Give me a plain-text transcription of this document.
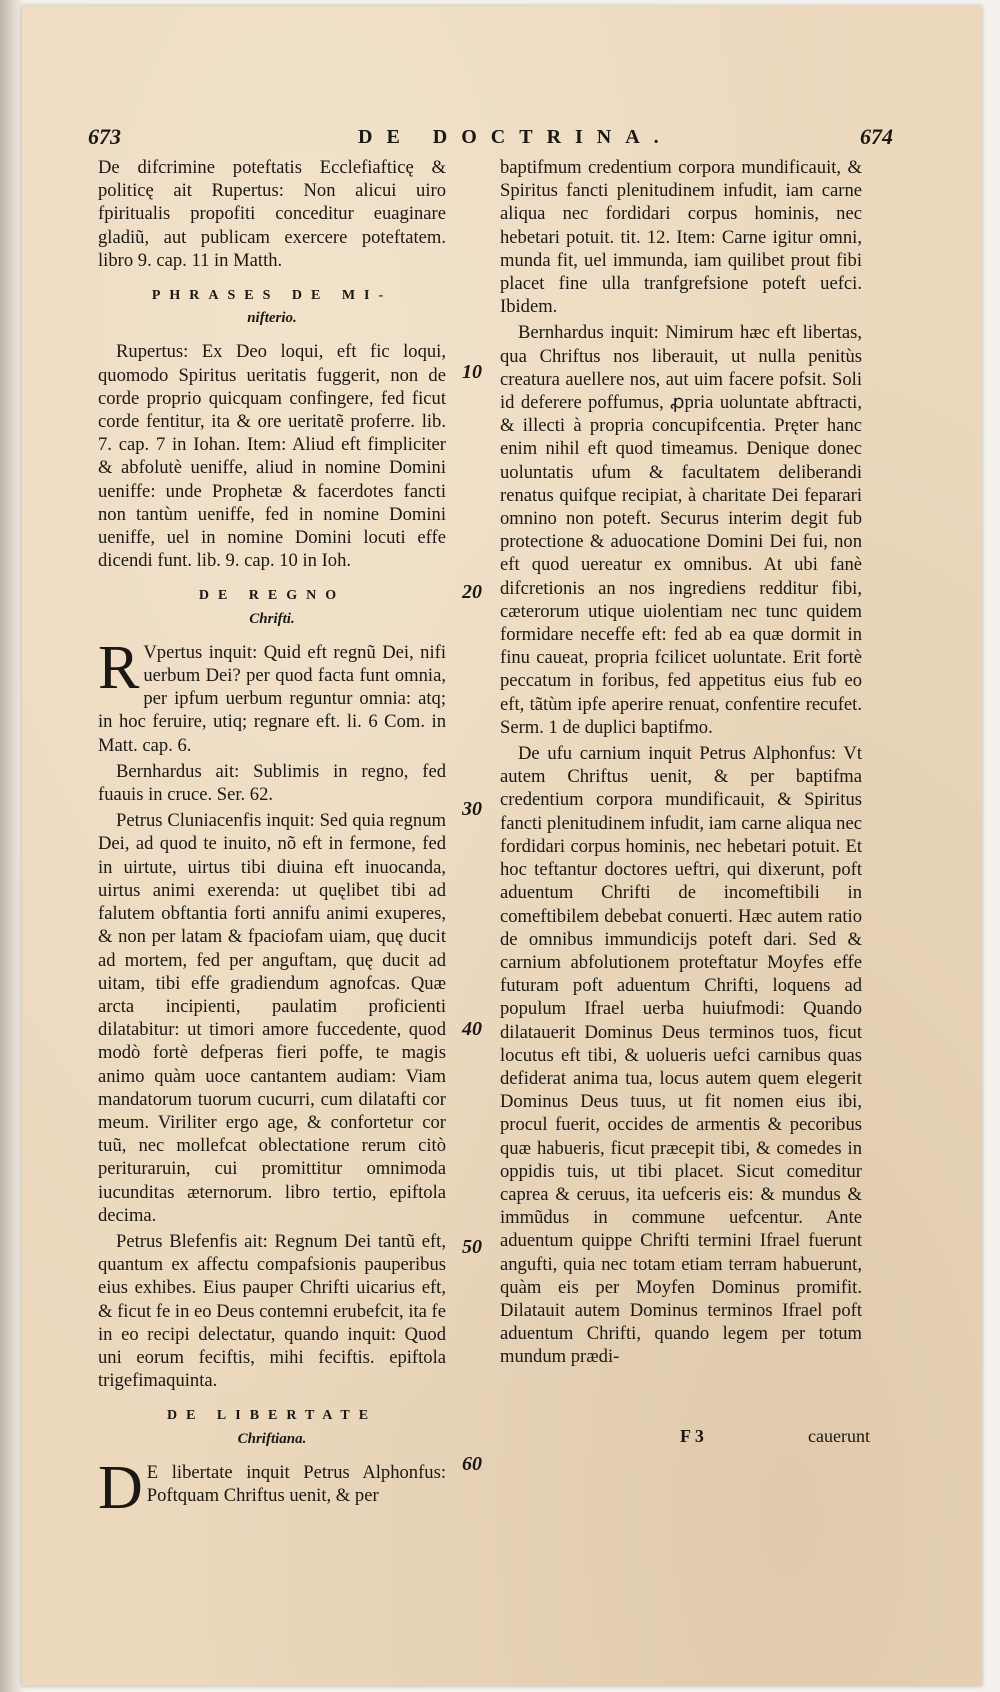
673	DE DOCTRINA.	674

De difcrimine poteftatis Ecclefiafticę & politicę ait Rupertus: Non alicui uiro fpiritualis propofiti conceditur euaginare gladiũ, aut publicam exercere poteftatem. libro 9. cap. 11 in Matth.

PHRASES DE MI-
nifterio.

Rupertus: Ex Deo loqui, eft fic loqui, quomodo Spiritus ueritatis fuggerit, non de corde proprio quicquam confingere, fed ficut corde fentitur, ita & ore ueritatẽ proferre. lib. 7. cap. 7 in Iohan. Item: Aliud eft fimpliciter & abfolutè ueniffe, aliud in nomine Domini ueniffe: unde Prophetæ & facerdotes fancti non tantùm ueniffe, fed in nomine Domini ueniffe, uel in nomine Domini locuti effe dicendi funt. lib. 9. cap. 10 in Ioh.

DE REGNO
Chrifti.

R Vpertus inquit: Quid eft regnũ Dei, nifi uerbum Dei? per quod facta funt omnia, per ipfum uerbum reguntur omnia: atq; in hoc feruire, utiq; regnare eft. li. 6 Com. in Matt. cap. 6.

Bernhardus ait: Sublimis in regno, fed fuauis in cruce. Ser. 62.

Petrus Cluniacenfis inquit: Sed quia regnum Dei, ad quod te inuito, nõ eft in fermone, fed in uirtute, uirtus tibi diuina eft inuocanda, uirtus animi exerenda: ut quęlibet tibi ad falutem obftantia forti annifu animi exuperes, & non per latam & fpaciofam uiam, quę ducit ad mortem, fed per anguftam, quę ducit ad uitam, tibi effe gradiendum agnofcas. Quæ arcta incipienti, paulatim proficienti dilatabitur: ut timori amore fuccedente, quod modò fortè defperas fieri poffe, te magis animo quàm uoce cantantem audiam: Viam mandatorum tuorum cucurri, cum dilatafti cor meum. Viriliter ergo age, & confortetur cor tuũ, nec mollefcat oblectatione rerum citò perituraruin, cui promittitur omnimoda iucunditas æternorum. libro tertio, epiftola decima.

Petrus Blefenfis ait: Regnum Dei tantũ eft, quantum ex affectu compafsionis pauperibus eius exhibes. Eius pauper Chrifti uicarius eft, & ficut fe in eo Deus contemni erubefcit, ita fe in eo recipi delectatur, quando inquit: Quod uni eorum feciftis, mihi feciftis. epiftola trigefimaquinta.

DE LIBERTATE
Chriftiana.

D E libertate inquit Petrus Alphonfus: Poftquam Chriftus uenit, & per

10
20
30
40
50
60

baptifmum credentium corpora mundificauit, & Spiritus fancti plenitudinem infudit, iam carne aliqua nec fordidari corpus hominis, nec hebetari potuit. tit. 12. Item: Carne igitur omni, munda fit, uel immunda, iam quilibet prout fibi placet fine ulla tranfgrefsione poteft uefci. Ibidem.

Bernhardus inquit: Nimirum hæc eft libertas, qua Chriftus nos liberauit, ut nulla penitùs creatura auellere nos, aut uim facere pofsit. Soli id deferere poffumus, ꝓpria uoluntate abftracti, & illecti à propria concupifcentia. Pręter hanc enim nihil eft quod timeamus. Denique donec uoluntatis ufum & facultatem deliberandi renatus quifque recipiat, à charitate Dei feparari omnino non poteft. Securus interim degit fub protectione & aduocatione Domini Dei fui, non eft quod uereatur ex omnibus. At ubi fanè difcretionis an nos ingrediens redditur fibi, cæterorum utique uiolentiam nec tunc quidem formidare neceffe eft: fed ab ea quæ dormit in finu caueat, propria fcilicet uoluntate. Erit fortè peccatum in foribus, fed appetitus eius fub eo eft, tãtùm ipfe aperire renuat, confentire recufet. Serm. 1 de duplici baptifmo.

De ufu carnium inquit Petrus Alphonfus: Vt autem Chriftus uenit, & per baptifma credentium corpora mundificauit, & Spiritus fancti plenitudinem infudit, iam carne aliqua nec fordidari corpus hominis, nec hebetari potuit. Et hoc teftantur doctores ueftri, qui dixerunt, poft aduentum Chrifti de incomeftibili in comeftibilem debebat conuerti. Hæc autem ratio de omnibus immundicijs poteft dari. Sed & carnium abfolutionem proteftatur Moyfes effe futuram poft aduentum Chrifti, loquens ad populum Ifrael uerba huiufmodi: Quando dilatauerit Dominus Deus terminos tuos, ficut locutus eft tibi, & uolueris uefci carnibus quas defiderat anima tua, locus autem quem elegerit Dominus Deus tuus, ut fit nomen eius ibi, procul fuerit, occides de armentis & pecoribus quæ habueris, ficut præcepit tibi, & comedes in oppidis tuis, ut tibi placet. Sicut comeditur caprea & ceruus, ita uefceris eis: & mundus & immũdus in commune uefcentur. Ante aduentum quippe Chrifti termini Ifrael fuerunt angufti, quia nec totam etiam terram habuerunt, quàm eis per Moyfen Dominus promifit. Dilatauit autem Dominus terminos Ifrael poft aduentum Chrifti, quando legem per totum mundum prædi-

F 3	cauerunt
